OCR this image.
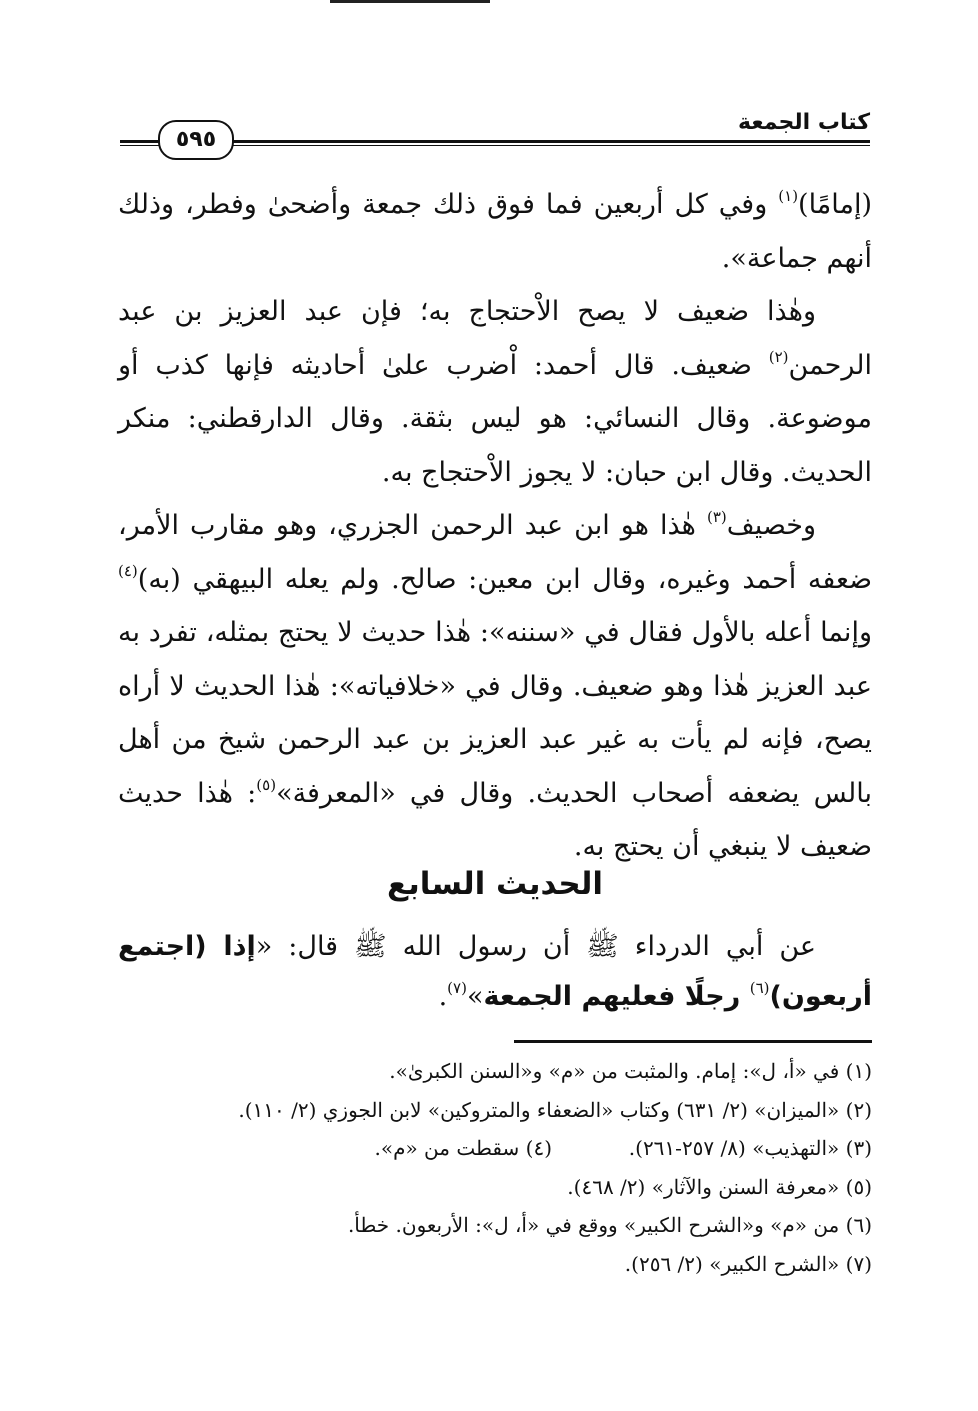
كتاب الجمعة
٥٩٥

(إمامًا)$^{(١)}$ وفي كل أربعين فما فوق ذلك جمعة وأضحىٰ وفطر، وذلك أنهم جماعة».

وهٰذا ضعيف لا يصح الاْحتجاج به؛ فإن عبد العزيز بن عبد الرحمن$^{(٢)}$ ضعيف. قال أحمد: اْضرب علىٰ أحاديثه فإنها كذب أو موضوعة. وقال النسائي: هو ليس بثقة. وقال الدارقطني: منكر الحديث. وقال ابن حبان: لا يجوز الاْحتجاج به.

وخصيف$^{(٣)}$ هٰذا هو ابن عبد الرحمن الجزري، وهو مقارب الأمر، ضعفه أحمد وغيره، وقال ابن معين: صالح. ولم يعله البيهقي (به)$^{(٤)}$ وإنما أعله بالأول فقال في «سننه»: هٰذا حديث لا يحتج بمثله، تفرد به عبد العزيز هٰذا وهو ضعيف. وقال في «خلافياته»: هٰذا الحديث لا أراه يصح، فإنه لم يأت به غير عبد العزيز بن عبد الرحمن شيخ من أهل بالس يضعفه أصحاب الحديث. وقال في «المعرفة»$^{(٥)}$: هٰذا حديث ضعيف لا ينبغي أن يحتج به.

الحديث السابع

عن أبي الدرداء ﷺ أن رسول الله ﷺ قال: «إذا (اجتمع أربعون)$^{(٦)}$ رجلًا فعليهم الجمعة»$^{(٧)}$.

(١) في «أ، ل»: إمام. والمثبت من «م» و«السنن الكبرىٰ».
(٢) «الميزان» (٢/ ٦٣١) وكتاب «الضعفاء والمتروكين» لابن الجوزي (٢/ ١١٠).
(٣) «التهذيب» (٨/ ٢٥٧-٢٦١).
(٤) سقطت من «م».
(٥) «معرفة السنن والآثار» (٢/ ٤٦٨).
(٦) من «م» و«الشرح الكبير» ووقع في «أ، ل»: الأربعون. خطأ.
(٧) «الشرح الكبير» (٢/ ٢٥٦).
